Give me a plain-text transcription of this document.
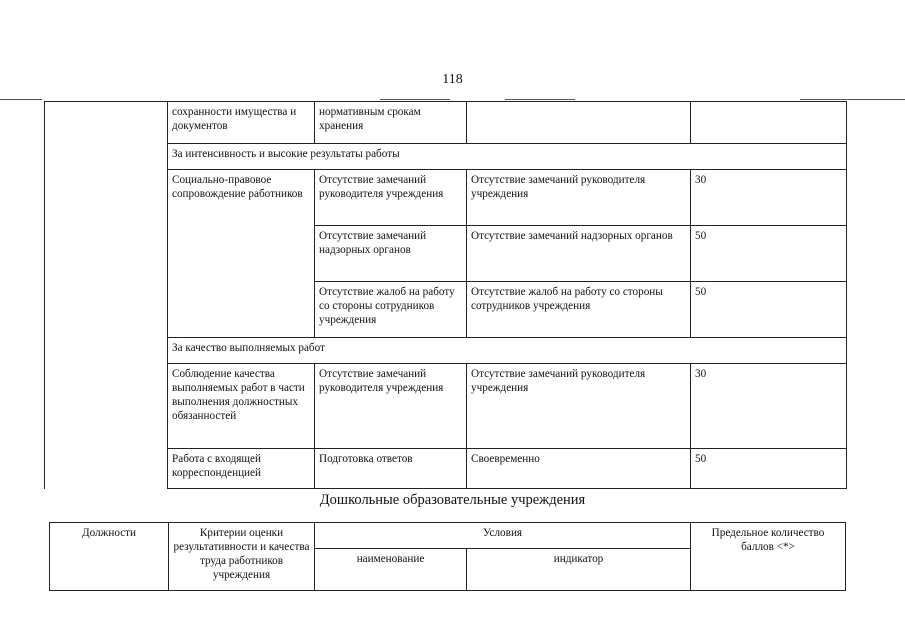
118
	сохранности имущества и документов	нормативным срокам хранения		
	За интенсивность и высокие результаты работы			
	Социально-правовое сопровождение работников	Отсутствие замечаний руководителя учреждения	Отсутствие замечаний руководителя учреждения	30
		Отсутствие замечаний надзорных органов	Отсутствие замечаний надзорных органов	50
		Отсутствие жалоб на работу со стороны сотрудников учреждения	Отсутствие жалоб на работу со стороны сотрудников учреждения	50
	За качество выполняемых работ			
	Соблюдение качества выполняемых работ в части выполнения должностных обязанностей	Отсутствие замечаний руководителя учреждения	Отсутствие замечаний руководителя учреждения	30
	Работа с входящей корреспонденцией	Подготовка ответов	Своевременно	50
Дошкольные образовательные учреждения
Должности	Критерии оценки результативности и качества труда работников учреждения	Условия		Предельное количество баллов <*>
		наименование	индикатор	
